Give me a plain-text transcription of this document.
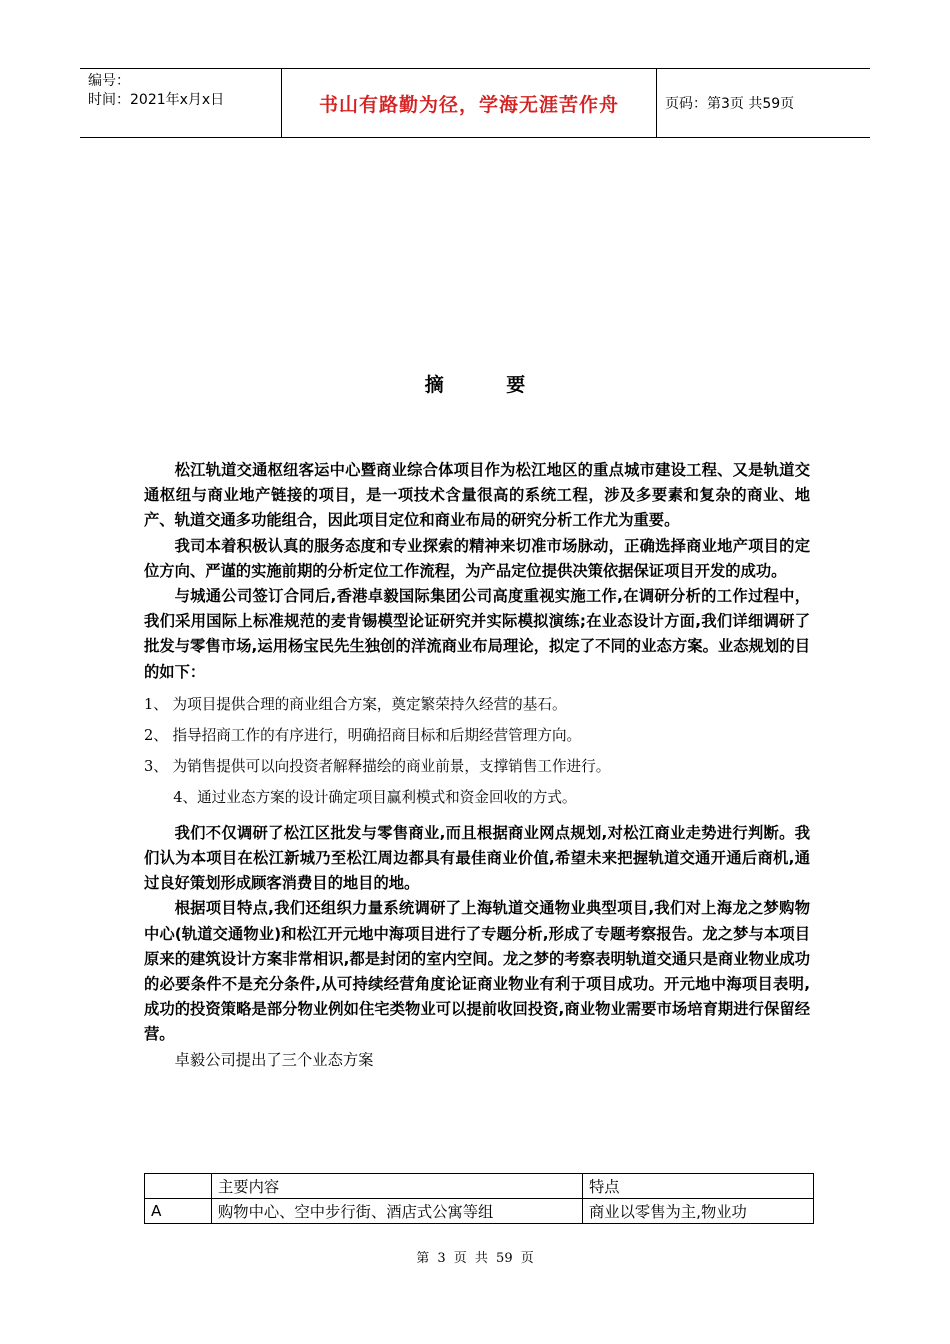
编号：
时间：2021年x月x日	书山有路勤为径，学海无涯苦作舟	页码：第3页 共59页
摘 要

松江轨道交通枢纽客运中心暨商业综合体项目作为松江地区的重点城市建设工程、又是轨道交通枢纽与商业地产链接的项目，是一项技术含量很高的系统工程，涉及多要素和复杂的商业、地产、轨道交通多功能组合，因此项目定位和商业布局的研究分析工作尤为重要。

我司本着积极认真的服务态度和专业探索的精神来切准市场脉动，正确选择商业地产项目的定位方向、严谨的实施前期的分析定位工作流程，为产品定位提供决策依据保证项目开发的成功。

与城通公司签订合同后,香港卓毅国际集团公司高度重视实施工作,在调研分析的工作过程中，我们采用国际上标准规范的麦肯锡模型论证研究并实际模拟演练;在业态设计方面,我们详细调研了批发与零售市场,运用杨宝民先生独创的洋流商业布局理论，拟定了不同的业态方案。业态规划的目的如下：

1、 为项目提供合理的商业组合方案，奠定繁荣持久经营的基石。

2、 指导招商工作的有序进行，明确招商目标和后期经营管理方向。

3、 为销售提供可以向投资者解释描绘的商业前景，支撑销售工作进行。

4、通过业态方案的设计确定项目赢利模式和资金回收的方式。

我们不仅调研了松江区批发与零售商业,而且根据商业网点规划,对松江商业走势进行判断。我们认为本项目在松江新城乃至松江周边都具有最佳商业价值,希望未来把握轨道交通开通后商机,通过良好策划形成顾客消费目的地目的地。

根据项目特点,我们还组织力量系统调研了上海轨道交通物业典型项目,我们对上海龙之梦购物中心(轨道交通物业)和松江开元地中海项目进行了专题分析,形成了专题考察报告。龙之梦与本项目原来的建筑设计方案非常相识,都是封闭的室内空间。龙之梦的考察表明轨道交通只是商业物业成功的必要条件不是充分条件,从可持续经营角度论证商业物业有利于项目成功。开元地中海项目表明,成功的投资策略是部分物业例如住宅类物业可以提前收回投资,商业物业需要市场培育期进行保留经营。

卓毅公司提出了三个业态方案

	主要内容	特点
A	购物中心、空中步行街、酒店式公寓等组	商业以零售为主,物业功
第 3 页 共 59 页
